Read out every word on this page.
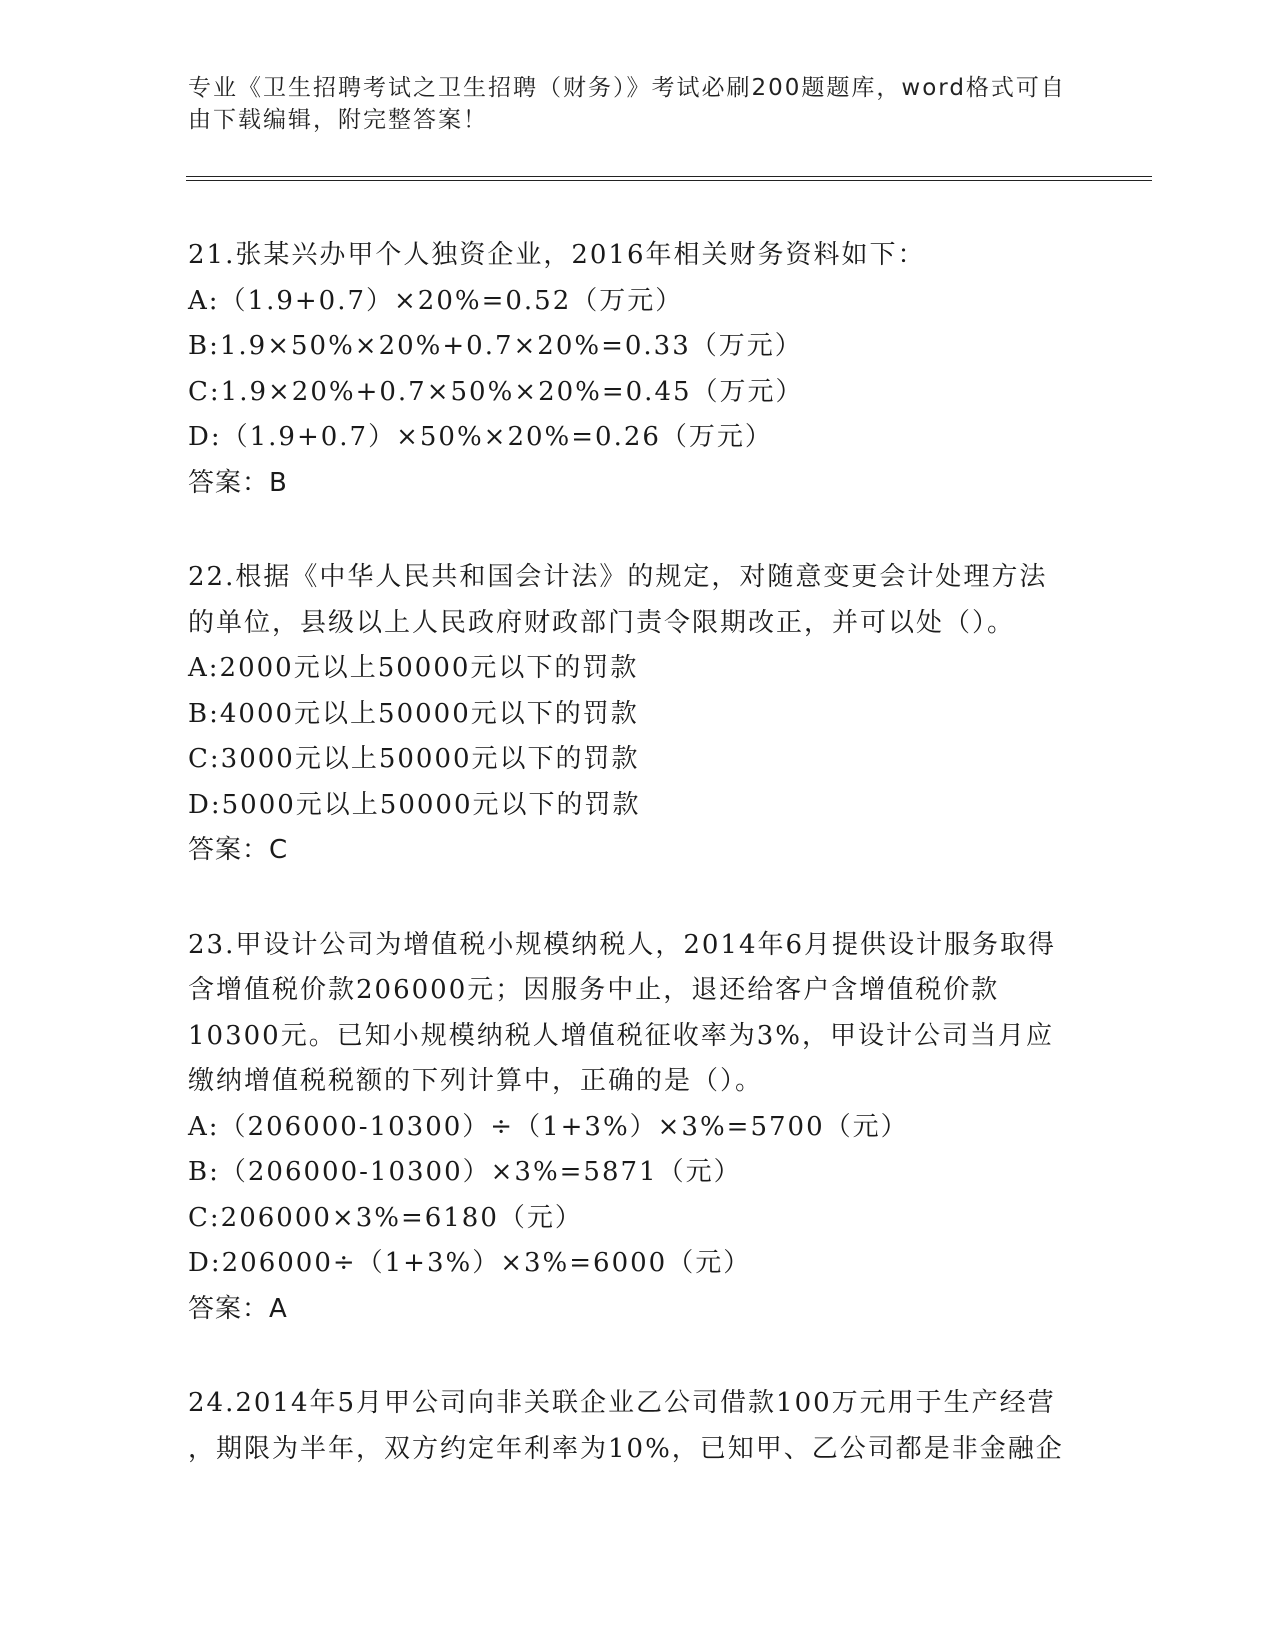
专业《卫生招聘考试之卫生招聘（财务）》考试必刷200题题库，word格式可自
由下载编辑，附完整答案！
21.张某兴办甲个人独资企业，2016年相关财务资料如下：
A:（1.9+0.7）×20%=0.52（万元）
B:1.9×50%×20%+0.7×20%=0.33（万元）
C:1.9×20%+0.7×50%×20%=0.45（万元）
D:（1.9+0.7）×50%×20%=0.26（万元）
答案：B
22.根据《中华人民共和国会计法》的规定，对随意变更会计处理方法
的单位，县级以上人民政府财政部门责令限期改正，并可以处（）。
A:2000元以上50000元以下的罚款
B:4000元以上50000元以下的罚款
C:3000元以上50000元以下的罚款
D:5000元以上50000元以下的罚款
答案：C
23.甲设计公司为增值税小规模纳税人，2014年6月提供设计服务取得
含增值税价款206000元；因服务中止，退还给客户含增值税价款
10300元。已知小规模纳税人增值税征收率为3%，甲设计公司当月应
缴纳增值税税额的下列计算中，正确的是（）。
A:（206000-10300）÷（1+3%）×3%=5700（元）
B:（206000-10300）×3%=5871（元）
C:206000×3%=6180（元）
D:206000÷（1+3%）×3%=6000（元）
答案：A
24.2014年5月甲公司向非关联企业乙公司借款100万元用于生产经营
，期限为半年，双方约定年利率为10%，已知甲、乙公司都是非金融企
